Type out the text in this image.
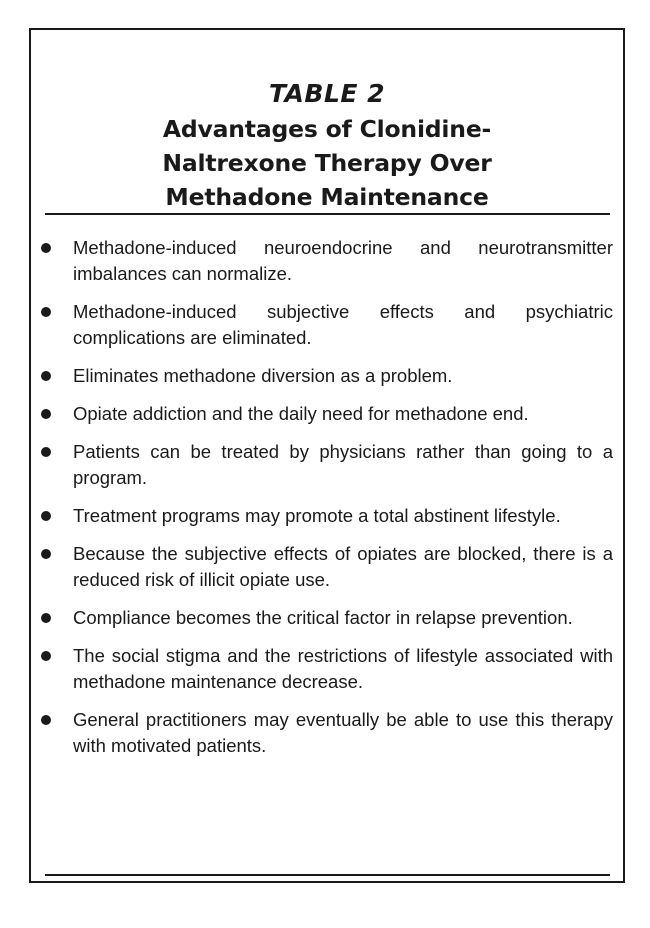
TABLE 2
Advantages of Clonidine-
Naltrexone Therapy Over
Methadone Maintenance
Methadone-induced neuroendocrine and neurotransmitter imbalances can normalize.
Methadone-induced subjective effects and psychiatric complications are eliminated.
Eliminates methadone diversion as a problem.
Opiate addiction and the daily need for methadone end.
Patients can be treated by physicians rather than going to a program.
Treatment programs may promote a total abstinent lifestyle.
Because the subjective effects of opiates are blocked, there is a reduced risk of illicit opiate use.
Compliance becomes the critical factor in relapse prevention.
The social stigma and the restrictions of lifestyle associated with methadone maintenance decrease.
General practitioners may eventually be able to use this therapy with motivated patients.
